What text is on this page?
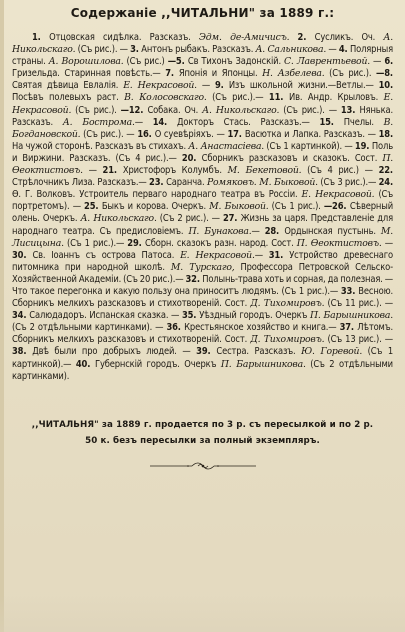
Содержаніе ,,ЧИТАЛЬНИ" за 1889 г.:
1. Отцовская сидѣлка. Разсказъ. Эдм. де-Амичисъ. 2. Сусликъ. Оч. А. Никольскаго. (Съ рис.). — 3. Антонъ рыбакъ. Разсказъ. А. Сальникова. — 4. Полярныя страны. А. Ворошилова. (Съ рис.) —5. Св Тихонъ Задонскій. С. Лаврентьевой. — 6. Гризельда. Старинная повѣсть.— 7. Японія и Японцы. Н. Азбелева. (Съ рис.). —8. Святая дѣвица Евлалія. Е. Некрасовой. — 9. Изъ школьной жизни.—Ветлы.— 10. Посѣвъ полевыхъ раст. В. Колосовскаго. (Съ рис.).— 11. Ив. Андр. Крыловъ. Е. Некрасовой. (Съ рис.). —12. Собака. Оч. А. Никольскаго. (Съ рис.). — 13. Нянька. Разсказъ. А. Бострома.— 14. Докторъ Стась. Разсказъ.— 15. Пчелы. В. Богдановской. (Съ рис.). — 16. О суевѣріяхъ. — 17. Васютка и Лапка. Разсказъ. — 18. На чужой сторонѣ. Разсказъ въ стихахъ. А. Анастасіева. (Съ 1 картинкой). — 19. Поль и Виржини. Разсказъ. (Съ 4 рис.).— 20. Сборникъ разсказовъ и сказокъ. Сост. П. Ѳеоктистовъ. — 21. Христофоръ Колумбъ. М. Бекетовой. (Съ 4 рис.) — 22. Стрѣлочникъ Лиза. Разсказъ.— 23. Саранча. Ромяковъ. М. Быковой. (Съ 3 рис.).— 24. Ѳ. Г. Волковъ. Устроитель перваго народнаго театра въ Россіи. Е. Некрасовой. (Съ портретомъ). — 25. Быкъ и корова. Очеркъ. М. Быковой. (Съ 1 рис.). —26. Сѣверный олень. Очеркъ. А. Никольскаго. (Съ 2 рис.). — 27. Жизнь за царя. Представленіе для народнаго театра. Съ предисловіемъ. П. Бунакова.— 28. Ордынская пустынь. М. Лисицына. (Съ 1 рис.).— 29. Сборн. сказокъ разн. народ. Сост. П. Ѳеоктистовъ. — 30. Св. Іоаннъ съ острова Патоса. Е. Некрасовой.— 31. Устройство древеснаго питомника при народной школѣ. М. Турскаго, Профессора Петровской Сельско-Хозяйственной Академіи. (Съ 20 рис.).— 32. Полынь-трава хоть и сорная, да полезная. — Что такое перегонка и какую пользу она приноситъ людямъ. (Съ 1 рис.).— 33. Весною. Сборникъ мелкихъ разсказовъ и стихотвореній. Сост. Д. Тихомировъ. (Съ 11 рис.). — 34. Салюдадоръ. Испанская сказка. — 35. Уѣздный городъ. Очеркъ П. Барышникова. (Съ 2 отдѣльными картинками). — 36. Крестьянское хозяйство и книга.— 37. Лѣтомъ. Сборникъ мелкихъ разсказовъ и стихотвореній. Сост. Д. Тихомировъ. (Съ 13 рис.). — 38. Двѣ были про добрыхъ людей. — 39. Сестра. Разсказъ. Ю. Горевой. (Съ 1 картинкой).— 40. Губернскій городъ. Очеркъ П. Барышникова. (Съ 2 отдѣльными картинками).
,,ЧИТАЛЬНЯ" за 1889 г. продается по 3 р. съ пересылкой и по 2 р.
50 к. безъ пересылки за полный экземпляръ.
